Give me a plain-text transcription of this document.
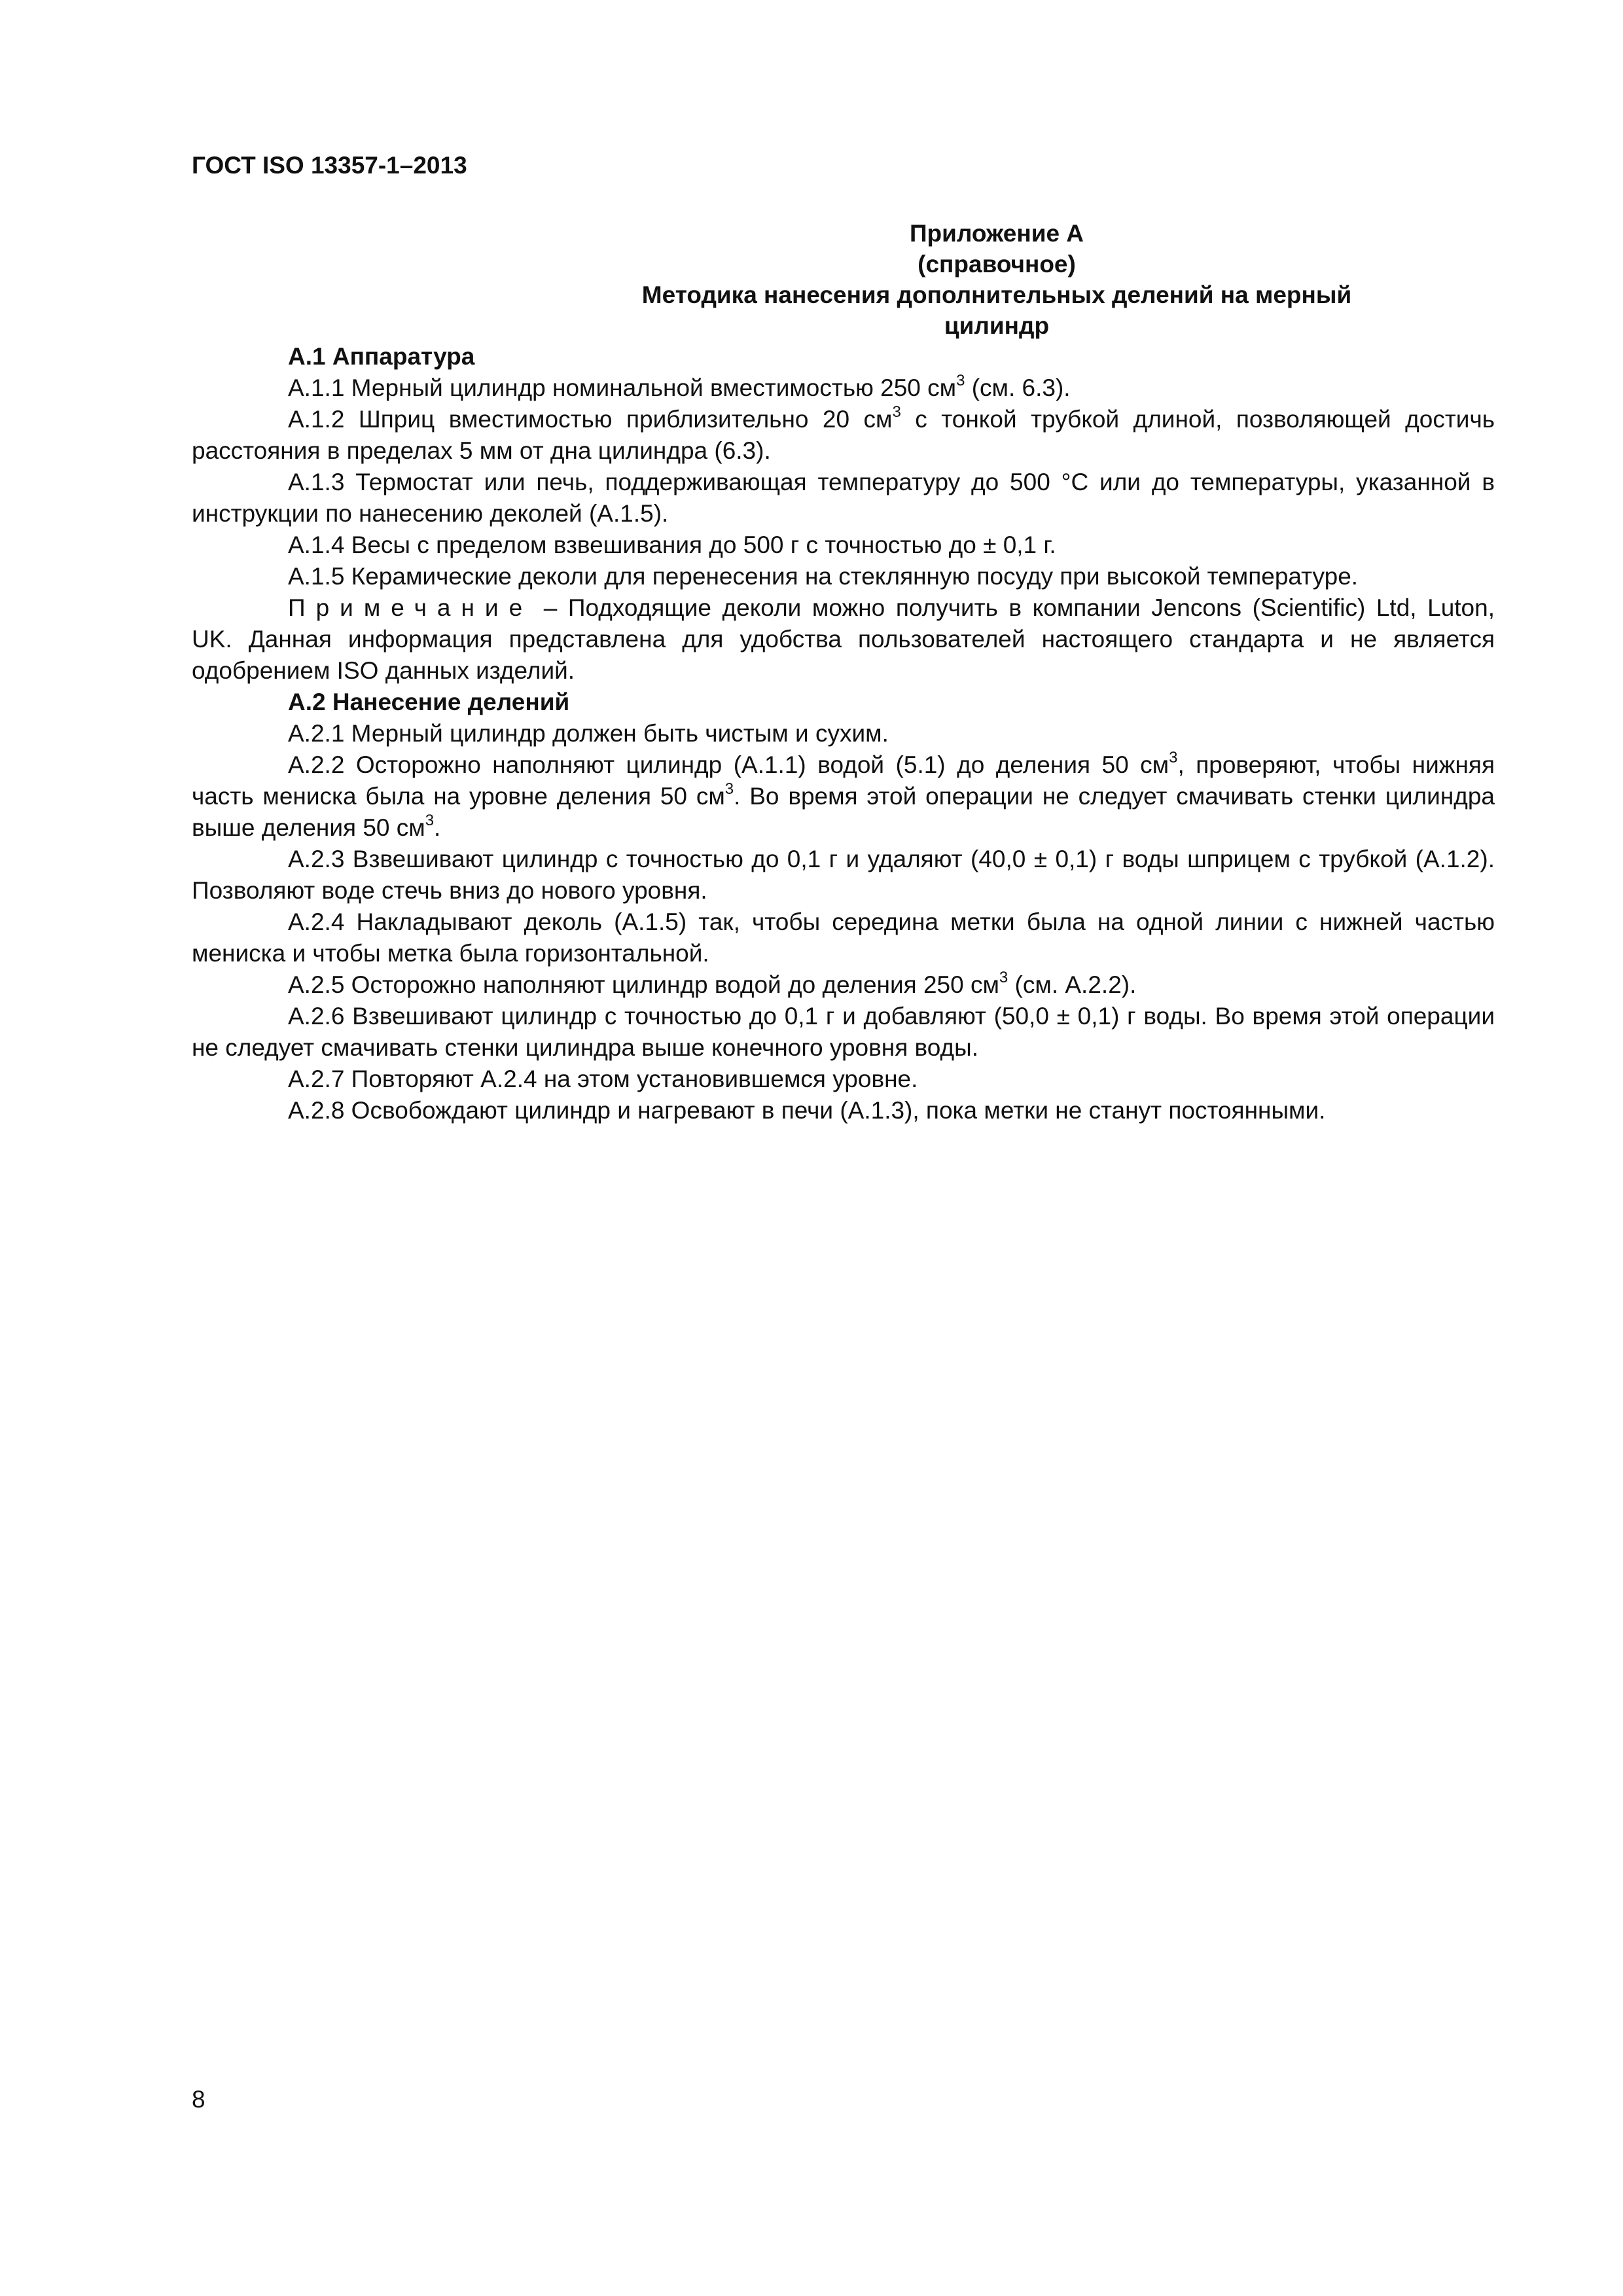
ГОСТ ISO 13357-1–2013
Приложение А
(справочное)
Методика нанесения дополнительных делений на мерный
цилиндр
А.1 Аппаратура

А.1.1 Мерный цилиндр номинальной вместимостью 250 $см^3$ (см. 6.3).

А.1.2 Шприц вместимостью приблизительно 20 $см^3$ с тонкой трубкой длиной, позволяющей достичь расстояния в пределах 5 мм от дна цилиндра (6.3).

А.1.3 Термостат или печь, поддерживающая температуру до 500 °С или до температуры, указанной в инструкции по нанесению деколей (А.1.5).

А.1.4 Весы с пределом взвешивания до 500 г с точностью до ± 0,1 г.

А.1.5 Керамические деколи для перенесения на стеклянную посуду при высокой температуре.

Примечание – Подходящие деколи можно получить в компании Jencons (Scientific) Ltd, Luton, UK. Данная информация представлена для удобства пользователей настоящего стандарта и не является одобрением ISO данных изделий.

А.2 Нанесение делений

А.2.1 Мерный цилиндр должен быть чистым и сухим.

А.2.2 Осторожно наполняют цилиндр (А.1.1) водой (5.1) до деления 50 $см^3$, проверяют, чтобы нижняя часть мениска была на уровне деления 50 $см^3$. Во время этой операции не следует смачивать стенки цилиндра выше деления 50 $см^3$.

А.2.3 Взвешивают цилиндр с точностью до 0,1 г и удаляют (40,0 ± 0,1) г воды шприцем с трубкой (А.1.2). Позволяют воде стечь вниз до нового уровня.

А.2.4 Накладывают деколь (А.1.5) так, чтобы середина метки была на одной линии с нижней частью мениска и чтобы метка была горизонтальной.

А.2.5 Осторожно наполняют цилиндр водой до деления 250 $см^3$ (см. А.2.2).

А.2.6 Взвешивают цилиндр с точностью до 0,1 г и добавляют (50,0 ± 0,1) г воды. Во время этой операции не следует смачивать стенки цилиндра выше конечного уровня воды.

А.2.7 Повторяют А.2.4 на этом установившемся уровне.

А.2.8 Освобождают цилиндр и нагревают в печи (А.1.3), пока метки не станут постоянными.

8
